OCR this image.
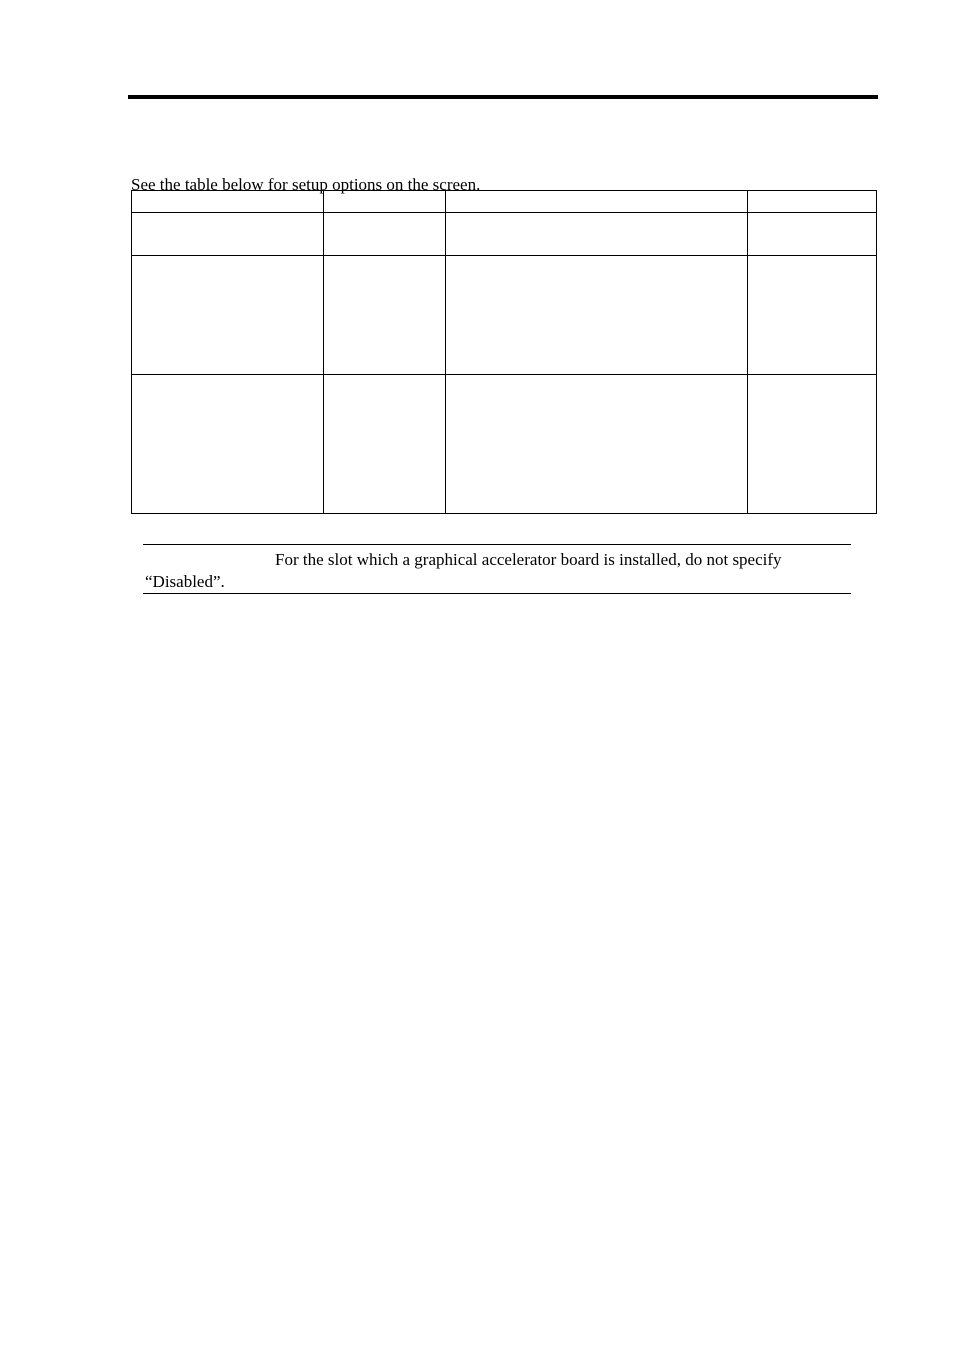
See the table below for setup options on the screen.

For the slot which a graphical accelerator board is installed, do not specify
“Disabled”.
